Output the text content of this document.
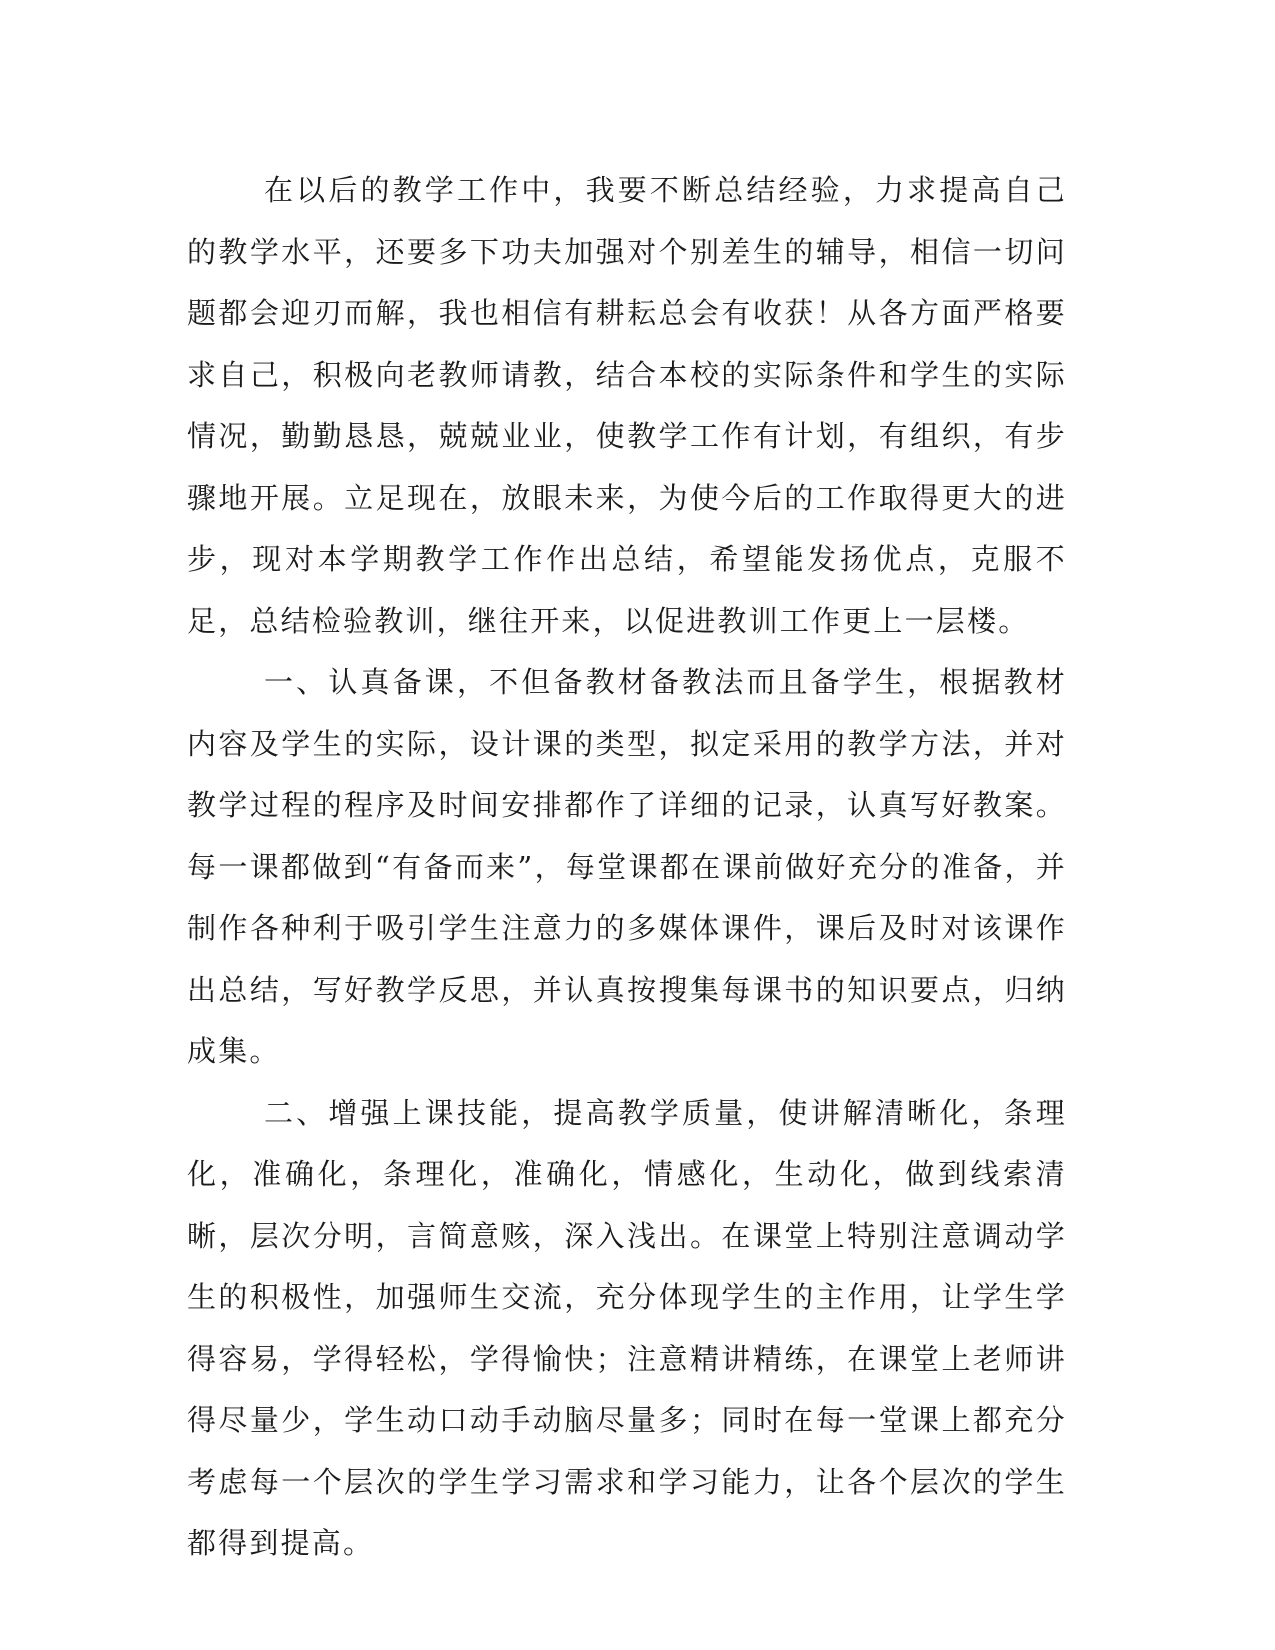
在以后的教学工作中，我要不断总结经验，力求提高自己的教学水平，还要多下功夫加强对个别差生的辅导，相信一切问题都会迎刃而解，我也相信有耕耘总会有收获！从各方面严格要求自己，积极向老教师请教，结合本校的实际条件和学生的实际情况，勤勤恳恳，兢兢业业，使教学工作有计划，有组织，有步骤地开展。立足现在，放眼未来，为使今后的工作取得更大的进步，现对本学期教学工作作出总结，希望能发扬优点，克服不足，总结检验教训，继往开来，以促进教训工作更上一层楼。

一、认真备课，不但备教材备教法而且备学生，根据教材内容及学生的实际，设计课的类型，拟定采用的教学方法，并对教学过程的程序及时间安排都作了详细的记录，认真写好教案。每一课都做到“有备而来”，每堂课都在课前做好充分的准备，并制作各种利于吸引学生注意力的多媒体课件，课后及时对该课作出总结，写好教学反思，并认真按搜集每课书的知识要点，归纳成集。

二、增强上课技能，提高教学质量，使讲解清晰化，条理化，准确化，条理化，准确化，情感化，生动化，做到线索清晰，层次分明，言简意赅，深入浅出。在课堂上特别注意调动学生的积极性，加强师生交流，充分体现学生的主作用，让学生学得容易，学得轻松，学得愉快；注意精讲精练，在课堂上老师讲得尽量少，学生动口动手动脑尽量多；同时在每一堂课上都充分考虑每一个层次的学生学习需求和学习能力，让各个层次的学生都得到提高。
